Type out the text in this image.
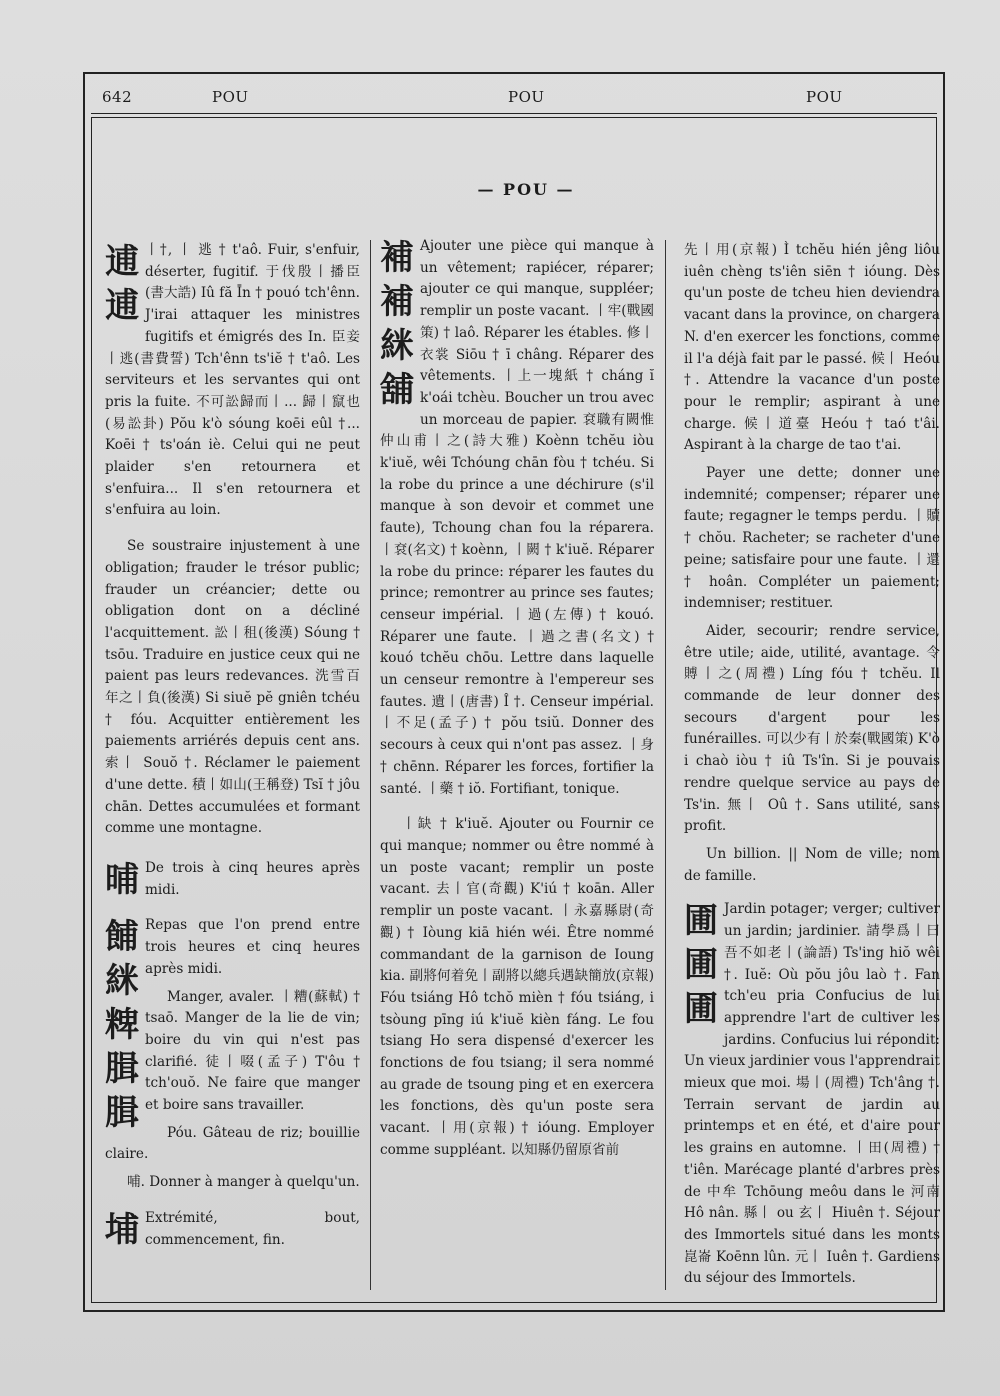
642	POU	POU	POU
— POU —
逋
逋

丨†, 丨 逃 † t'aô. Fuir, s'enfuir, déserter, fugitif. 于伐殷丨播臣(書大誥) Iû fă Īn † pouó tch'ênn. J'irai attaquer les ministres fugitifs et émigrés des In. 臣妾丨逃(書費誓) Tch'ênn ts'iĕ † t'aô. Les serviteurs et les servantes qui ont pris la fuite. 不可訟歸而丨... 歸丨竄也(易訟卦) Pŏu k'ò sóung koēi eûl †... Koēi † ts'oán iè. Celui qui ne peut plaider s'en retournera et s'enfuira... Il s'en retournera et s'enfuira au loin.

Se soustraire injustement à une obligation; frauder le trésor public; frauder un créancier; dette ou obligation dont on a décliné l'acquittement. 訟丨租(後漢) Sóung † tsōu. Traduire en justice ceux qui ne paient pas leurs redevances. 洗雪百年之丨負(後漢) Si siuĕ pĕ gniên tchéu † fóu. Acquitter entièrement les paiements arriérés depuis cent ans. 索丨 Souŏ †. Réclamer le paiement d'une dette. 積丨如山(王稱登) Tsĭ † jôu chān. Dettes accumulées et formant comme une montagne.

晡 De trois à cinq heures après midi.

餔
䋛
粺
䐕
䐕

Repas que l'on prend entre trois heures et cinq heures après midi.

Manger, avaler. 丨糟(蘇軾) † tsaō. Manger de la lie de vin; boire du vin qui n'est pas clarifié. 徒丨啜(孟子) T'ôu † tch'ouŏ. Ne faire que manger et boire sans travailler.

Póu. Gâteau de riz; bouillie claire.

哺. Donner à manger à quelqu'un.

埔 Extrémité, bout, commencement, fin.

補
補
䋛
舖

Ajouter une pièce qui manque à un vêtement; rapiécer, réparer; ajouter ce qui manque, suppléer; remplir un poste vacant. 丨牢(戰國策) † laô. Réparer les étables. 修丨衣裳 Siōu † ī châng. Réparer des vêtements. 丨上一塊紙 † cháng ĭ k'oái tchèu. Boucher un trou avec un morceau de papier. 袞職有闕惟仲山甫丨之(詩大雅) Koènn tchĕu iòu k'iuĕ, wêi Tchóung chān fòu † tchéu. Si la robe du prince a une déchirure (s'il manque à son devoir et commet une faute), Tchoung chan fou la réparera. 丨袞(名文) † koènn, 丨闕 † k'iuĕ. Réparer la robe du prince: réparer les fautes du prince; remontrer au prince ses fautes; censeur impérial. 丨過(左傳) † kouó. Réparer une faute. 丨過之書(名文) † kouó tchĕu chōu. Lettre dans laquelle un censeur remontre à l'empereur ses fautes. 遺丨(唐書) Î †. Censeur impérial. 丨不足(孟子) † pŏu tsiŭ. Donner des secours à ceux qui n'ont pas assez. 丨身 † chēnn. Réparer les forces, fortifier la santé. 丨藥 † iŏ. Fortifiant, tonique.

丨缺 † k'iuĕ. Ajouter ou Fournir ce qui manque; nommer ou être nommé à un poste vacant; remplir un poste vacant. 去丨官(奇觀) K'iú † koān. Aller remplir un poste vacant. 丨永嘉縣尉(奇觀) † Iòung kiā hién wéi. Être nommé commandant de la garnison de Ioung kia. 副將何着免丨副將以總兵遇缺簡放(京報) Fóu tsiáng Hô tchŏ mièn † fóu tsiáng, i tsòung pīng iú k'iuĕ kièn fáng. Le fou tsiang Ho sera dispensé d'exercer les fonctions de fou tsiang; il sera nommé au grade de tsoung ping et en exercera les fonctions, dès qu'un poste sera vacant. 丨用(京報) † ióung. Employer comme suppléant. 以知縣仍留原省前

先丨用(京報) Ì tchĕu hién jêng liôu iuên chèng ts'iên siēn † ióung. Dès qu'un poste de tcheu hien deviendra vacant dans la province, on chargera N. d'en exercer les fonctions, comme il l'a déjà fait par le passé. 候丨 Heóu †. Attendre la vacance d'un poste pour le remplir; aspirant à une charge. 候丨道臺 Heóu † taó t'âi. Aspirant à la charge de tao t'ai.

Payer une dette; donner une indemnité; compenser; réparer une faute; regagner le temps perdu. 丨贖 † chŏu. Racheter; se racheter d'une peine; satisfaire pour une faute. 丨還 † hoân. Compléter un paiement; indemniser; restituer.

Aider, secourir; rendre service, être utile; aide, utilité, avantage. 令賻丨之(周禮) Líng fóu † tchĕu. Il commande de leur donner des secours d'argent pour les funérailles. 可以少有丨於秦(戰國策) K'ò i chaò iòu † iû Ts'în. Si je pouvais rendre quelque service au pays de Ts'in. 無丨 Oû †. Sans utilité, sans profit.

Un billion. || Nom de ville; nom de famille.

圃
圃
圃

Jardin potager; verger; cultiver un jardin; jardinier. 請學爲丨曰吾不如老丨(論語) Ts'ing hiŏ wêi †. Iuĕ: Où pŏu jôu laò †. Fan tch'eu pria Confucius de lui apprendre l'art de cultiver les jardins. Confucius lui répondit: Un vieux jardinier vous l'apprendrait mieux que moi. 場丨(周禮) Tch'âng †. Terrain servant de jardin au printemps et en été, et d'aire pour les grains en automne. 丨田(周禮) † t'iên. Marécage planté d'arbres près de 中牟 Tchōung meôu dans le 河南 Hô nân. 縣丨 ou 玄丨 Hiuên †. Séjour des Immortels situé dans les monts 崑崙 Koēnn lûn. 元丨 Iuên †. Gardiens du séjour des Immortels.
